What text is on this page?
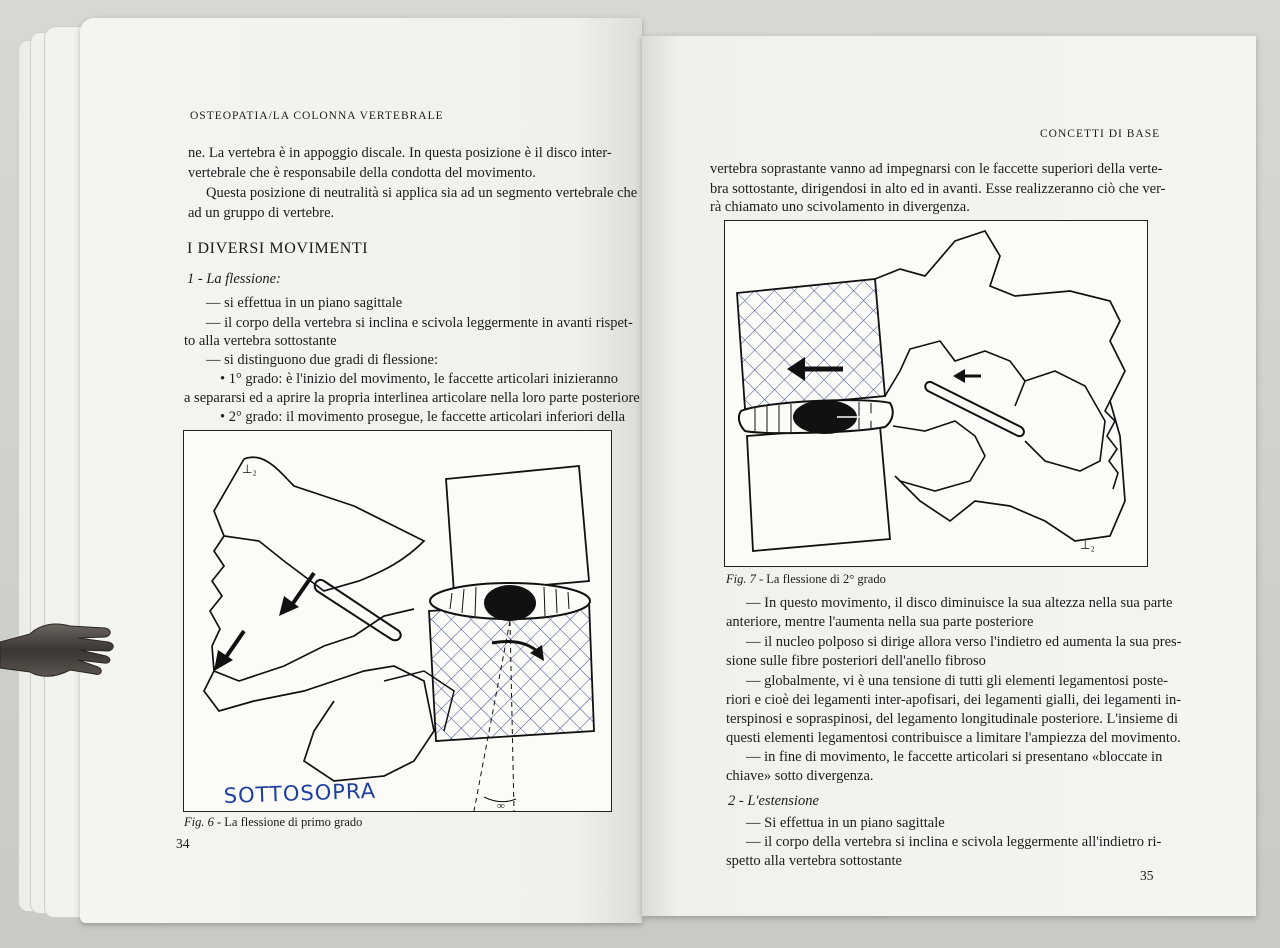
OSTEOPATIA/LA COLONNA VERTEBRALE
ne. La vertebra è in appoggio discale. In questa posizione è il disco inter-
vertebrale che è responsabile della condotta del movimento.
Questa posizione di neutralità si applica sia ad un segmento vertebrale che
ad un gruppo di vertebre.
I DIVERSI MOVIMENTI
1 - La flessione:
— si effettua in un piano sagittale
— il corpo della vertebra si inclina e scivola leggermente in avanti rispet-
to alla vertebra sottostante
— si distinguono due gradi di flessione:
• 1° grado: è l'inizio del movimento, le faccette articolari inizieranno
a separarsi ed a aprire la propria interlinea articolare nella loro parte posteriore
• 2° grado: il movimento prosegue, le faccette articolari inferiori della
∞
⊥₂
SOTTOSOPRA
Fig. 6 - La flessione di primo grado
34
CONCETTI DI BASE
vertebra soprastante vanno ad impegnarsi con le faccette superiori della verte-
bra sottostante, dirigendosi in alto ed in avanti. Esse realizzeranno ciò che ver-
rà chiamato uno scivolamento in divergenza.
⊥₂
Fig. 7 - La flessione di 2° grado
— In questo movimento, il disco diminuisce la sua altezza nella sua parte
anteriore, mentre l'aumenta nella sua parte posteriore
— il nucleo polposo si dirige allora verso l'indietro ed aumenta la sua pres-
sione sulle fibre posteriori dell'anello fibroso
— globalmente, vi è una tensione di tutti gli elementi legamentosi poste-
riori e cioè dei legamenti inter-apofisari, dei legamenti gialli, dei legamenti in-
terspinosi e sopraspinosi, del legamento longitudinale posteriore. L'insieme di
questi elementi legamentosi contribuisce a limitare l'ampiezza del movimento.
— in fine di movimento, le faccette articolari si presentano «bloccate in
chiave» sotto divergenza.
2 - L'estensione
— Si effettua in un piano sagittale
— il corpo della vertebra si inclina e scivola leggermente all'indietro ri-
spetto alla vertebra sottostante
35
